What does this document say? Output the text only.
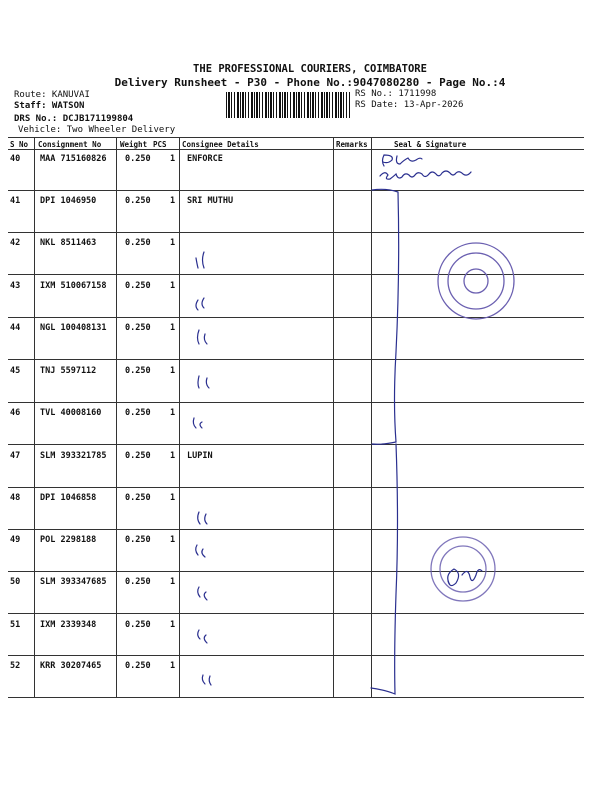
THE PROFESSIONAL COURIERS, COIMBATORE
Delivery Runsheet - P30 - Phone No.:9047080280 - Page No.:4
Route: KANUVAI
Staff: WATSON
DRS No.: DCJB171199804
Vehicle: Two Wheeler Delivery
RS No.: 1711998
RS Date: 13-Apr-2026
S No Consignment No	Weight PCS Consignee Details	Remarks	Seal & Signature
40 MAA 715160826 0.250 1 ENFORCE
41 DPI 1046950	0.250 1 SRI MUTHU
42 NKL 8511463	0.250 1
43 IXM 510067158 0.250 1
44 NGL 100408131 0.250 1
45 TNJ 5597112	0.250 1
46 TVL 40008160	0.250 1
47 SLM 393321785 0.250 1 LUPIN
48 DPI 1046858	0.250 1
49 POL 2298188	0.250 1
50 SLM 393347685 0.250 1
51 IXM 2339348	0.250 1
52 KRR 30207465	0.250 1
